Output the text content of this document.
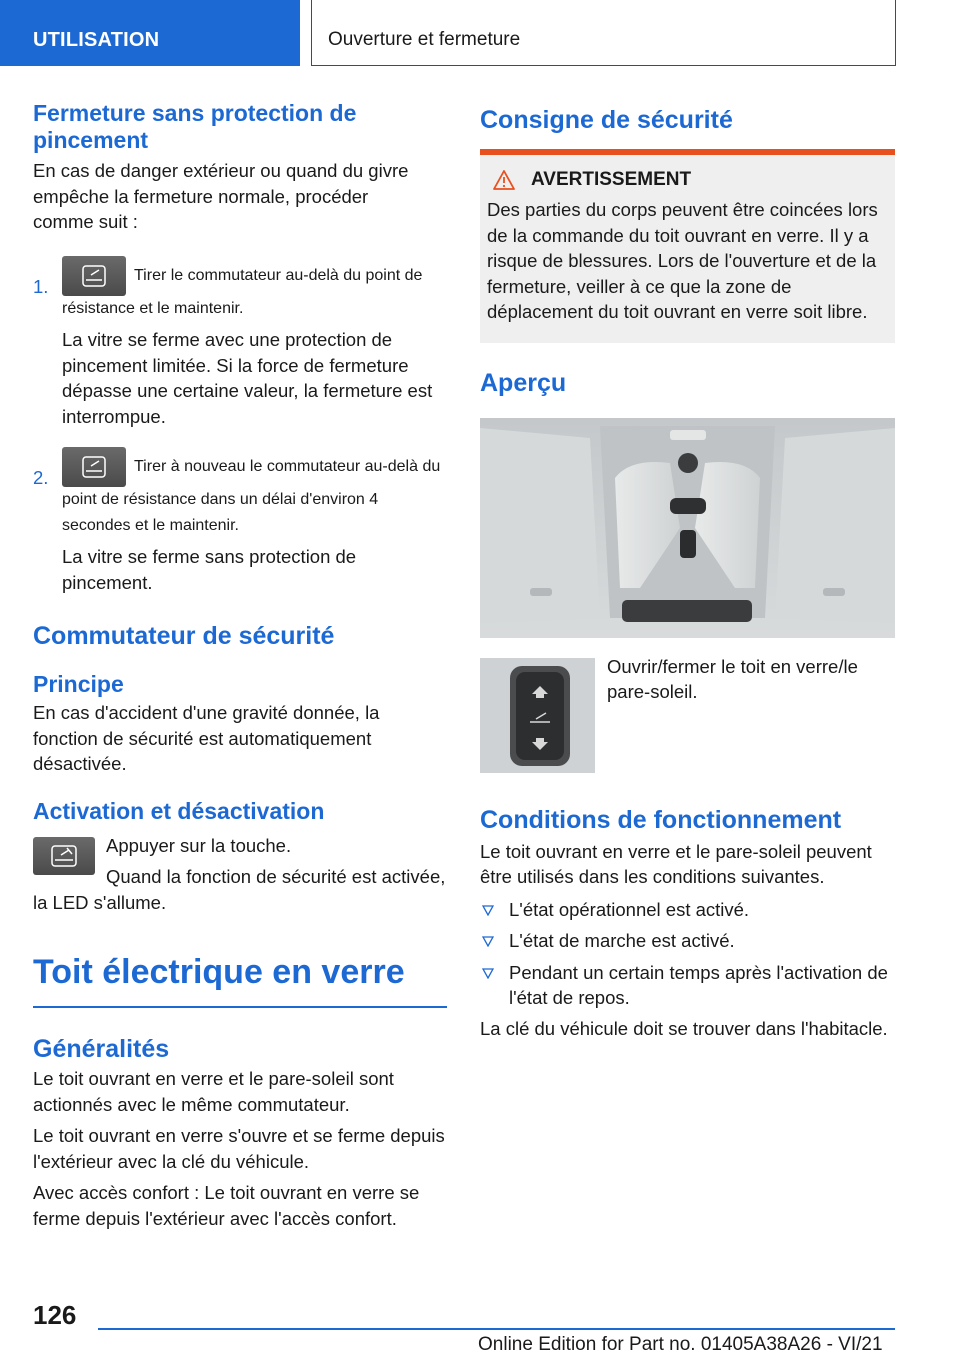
UTILISATION	Ouverture et fermeture
Fermeture sans protection de pincement

En cas de danger extérieur ou quand du givre empêche la fermeture normale, procéder comme suit :

1.
Tirer le commutateur au-delà du point de résistance et le maintenir.

La vitre se ferme avec une protection de pincement limitée. Si la force de fermeture dépasse une certaine valeur, la fermeture est interrompue.

2.
Tirer à nouveau le commutateur au-delà du point de résistance dans un délai d'environ 4 secondes et le maintenir.

La vitre se ferme sans protection de pincement.

Commutateur de sécurité
Principe

En cas d'accident d'une gravité donnée, la fonction de sécurité est automatiquement désactivée.

Activation et désactivation

Appuyer sur la touche.

Quand la fonction de sécurité est activée, la LED s'allume.

Toit électrique en verre
Généralités

Le toit ouvrant en verre et le pare-soleil sont actionnés avec le même commutateur.

Le toit ouvrant en verre s'ouvre et se ferme depuis l'extérieur avec la clé du véhicule.

Avec accès confort : Le toit ouvrant en verre se ferme depuis l'extérieur avec l'accès confort.

Consigne de sécurité
AVERTISSEMENT

Des parties du corps peuvent être coincées lors de la commande du toit ouvrant en verre. Il y a risque de blessures. Lors de l'ouverture et de la fermeture, veiller à ce que la zone de déplacement du toit ouvrant en verre soit libre.

Aperçu

Ouvrir/fermer le toit en verre/le pare-soleil.

Conditions de fonctionnement

Le toit ouvrant en verre et le pare-soleil peuvent être utilisés dans les conditions suivantes.

L'état opérationnel est activé.

L'état de marche est activé.

Pendant un certain temps après l'activation de l'état de repos.

La clé du véhicule doit se trouver dans l'habitacle.

126
Online Edition for Part no. 01405A38A26 - VI/21
